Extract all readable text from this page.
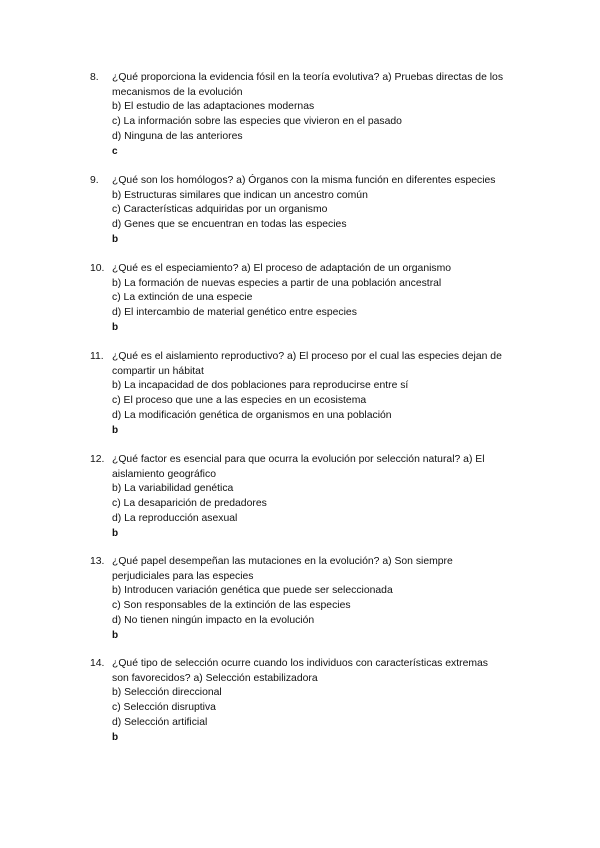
8. ¿Qué proporciona la evidencia fósil en la teoría evolutiva? a) Pruebas directas de los
mecanismos de la evolución
b) El estudio de las adaptaciones modernas
c) La información sobre las especies que vivieron en el pasado
d) Ninguna de las anteriores
c
9. ¿Qué son los homólogos? a) Órganos con la misma función en diferentes especies
b) Estructuras similares que indican un ancestro común
c) Características adquiridas por un organismo
d) Genes que se encuentran en todas las especies
b
10. ¿Qué es el especiamiento? a) El proceso de adaptación de un organismo
b) La formación de nuevas especies a partir de una población ancestral
c) La extinción de una especie
d) El intercambio de material genético entre especies
b
11. ¿Qué es el aislamiento reproductivo? a) El proceso por el cual las especies dejan de
compartir un hábitat
b) La incapacidad de dos poblaciones para reproducirse entre sí
c) El proceso que une a las especies en un ecosistema
d) La modificación genética de organismos en una población
b
12. ¿Qué factor es esencial para que ocurra la evolución por selección natural? a) El
aislamiento geográfico
b) La variabilidad genética
c) La desaparición de predadores
d) La reproducción asexual
b
13. ¿Qué papel desempeñan las mutaciones en la evolución? a) Son siempre
perjudiciales para las especies
b) Introducen variación genética que puede ser seleccionada
c) Son responsables de la extinción de las especies
d) No tienen ningún impacto en la evolución
b
14. ¿Qué tipo de selección ocurre cuando los individuos con características extremas
son favorecidos? a) Selección estabilizadora
b) Selección direccional
c) Selección disruptiva
d) Selección artificial
b
